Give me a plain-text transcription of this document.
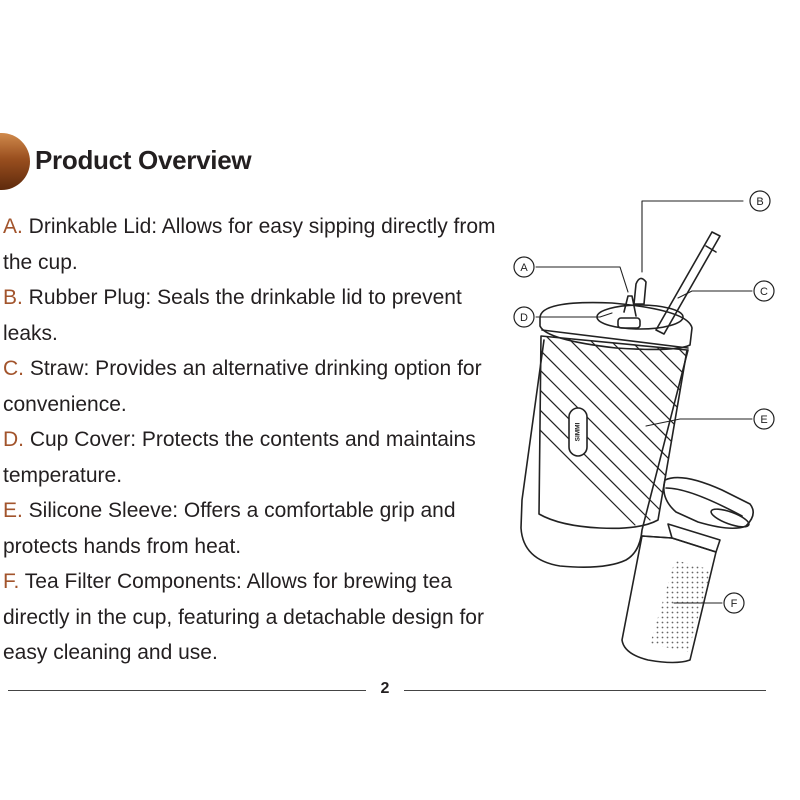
Product Overview
A. Drinkable Lid: Allows for easy sipping directly from the cup.
B. Rubber Plug: Seals the drinkable lid to prevent leaks.
C. Straw: Provides an alternative drinking option for convenience.
D. Cup Cover: Protects the contents and maintains temperature.
E. Silicone Sleeve: Offers a comfortable grip and protects hands from heat.
F. Tea Filter Components: Allows for brewing tea directly in the cup, featuring a detachable design for easy cleaning and use.
SIMMI
A
B
C
D
E
F
2
